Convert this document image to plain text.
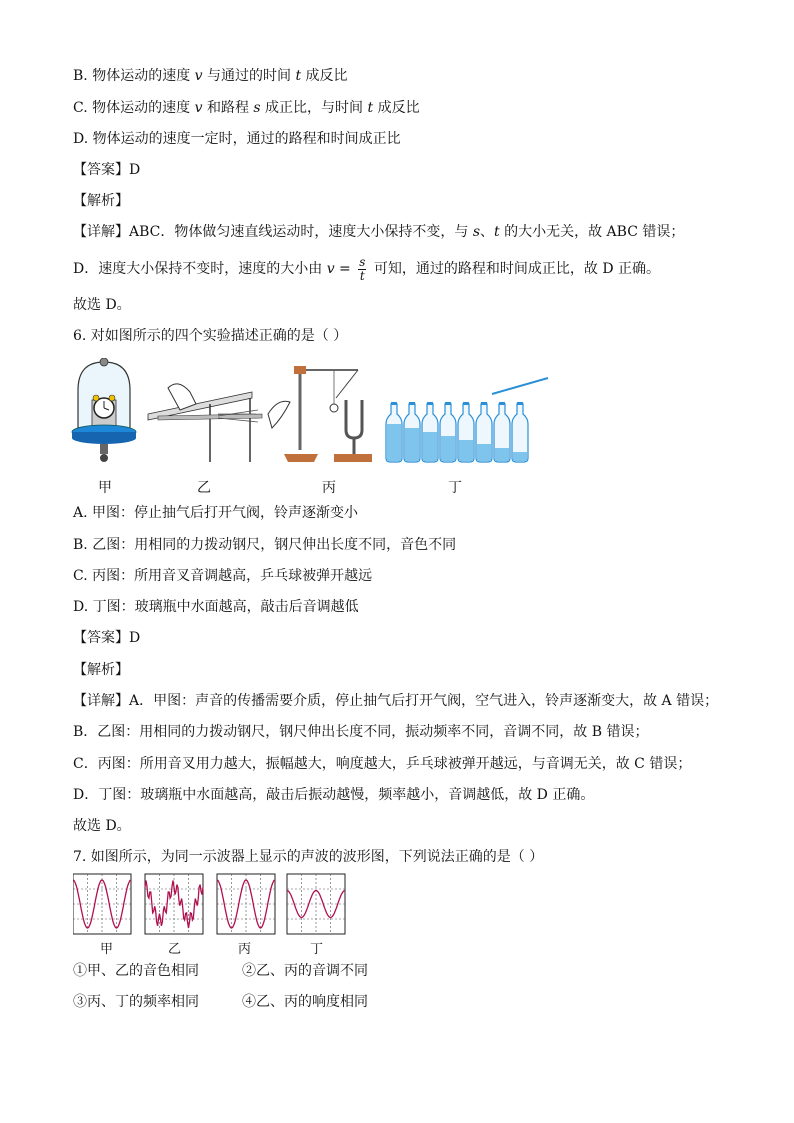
B. 物体运动的速度 v 与通过的时间 t 成反比
C. 物体运动的速度 v 和路程 s 成正比，与时间 t 成反比
D. 物体运动的速度一定时，通过的路程和时间成正比
【答案】D
【解析】
【详解】ABC．物体做匀速直线运动时，速度大小保持不变，与 s、t 的大小无关，故 ABC 错误；
D．速度大小保持不变时，速度的大小由 $v = \frac{s}{t}$ 可知，通过的路程和时间成正比，故 D 正确。
故选 D。
6. 对如图所示的四个实验描述正确的是（ ）
甲	乙	丙	丁
A. 甲图：停止抽气后打开气阀，铃声逐渐变小
B. 乙图：用相同的力拨动钢尺，钢尺伸出长度不同，音色不同
C. 丙图：所用音叉音调越高，乒乓球被弹开越远
D. 丁图：玻璃瓶中水面越高，敲击后音调越低
【答案】D
【解析】
【详解】A．甲图：声音的传播需要介质，停止抽气后打开气阀，空气进入，铃声逐渐变大，故 A 错误；
B．乙图：用相同的力拨动钢尺，钢尺伸出长度不同，振动频率不同，音调不同，故 B 错误；
C．丙图：所用音叉用力越大，振幅越大，响度越大，乒乓球被弹开越远，与音调无关，故 C 错误；
D．丁图：玻璃瓶中水面越高，敲击后振动越慢，频率越小，音调越低，故 D 正确。
故选 D。
7. 如图所示，为同一示波器上显示的声波的波形图，下列说法正确的是（ ）
甲	乙	丙	丁
①甲、乙的音色相同	②乙、丙的音调不同
③丙、丁的频率相同	④乙、丙的响度相同
